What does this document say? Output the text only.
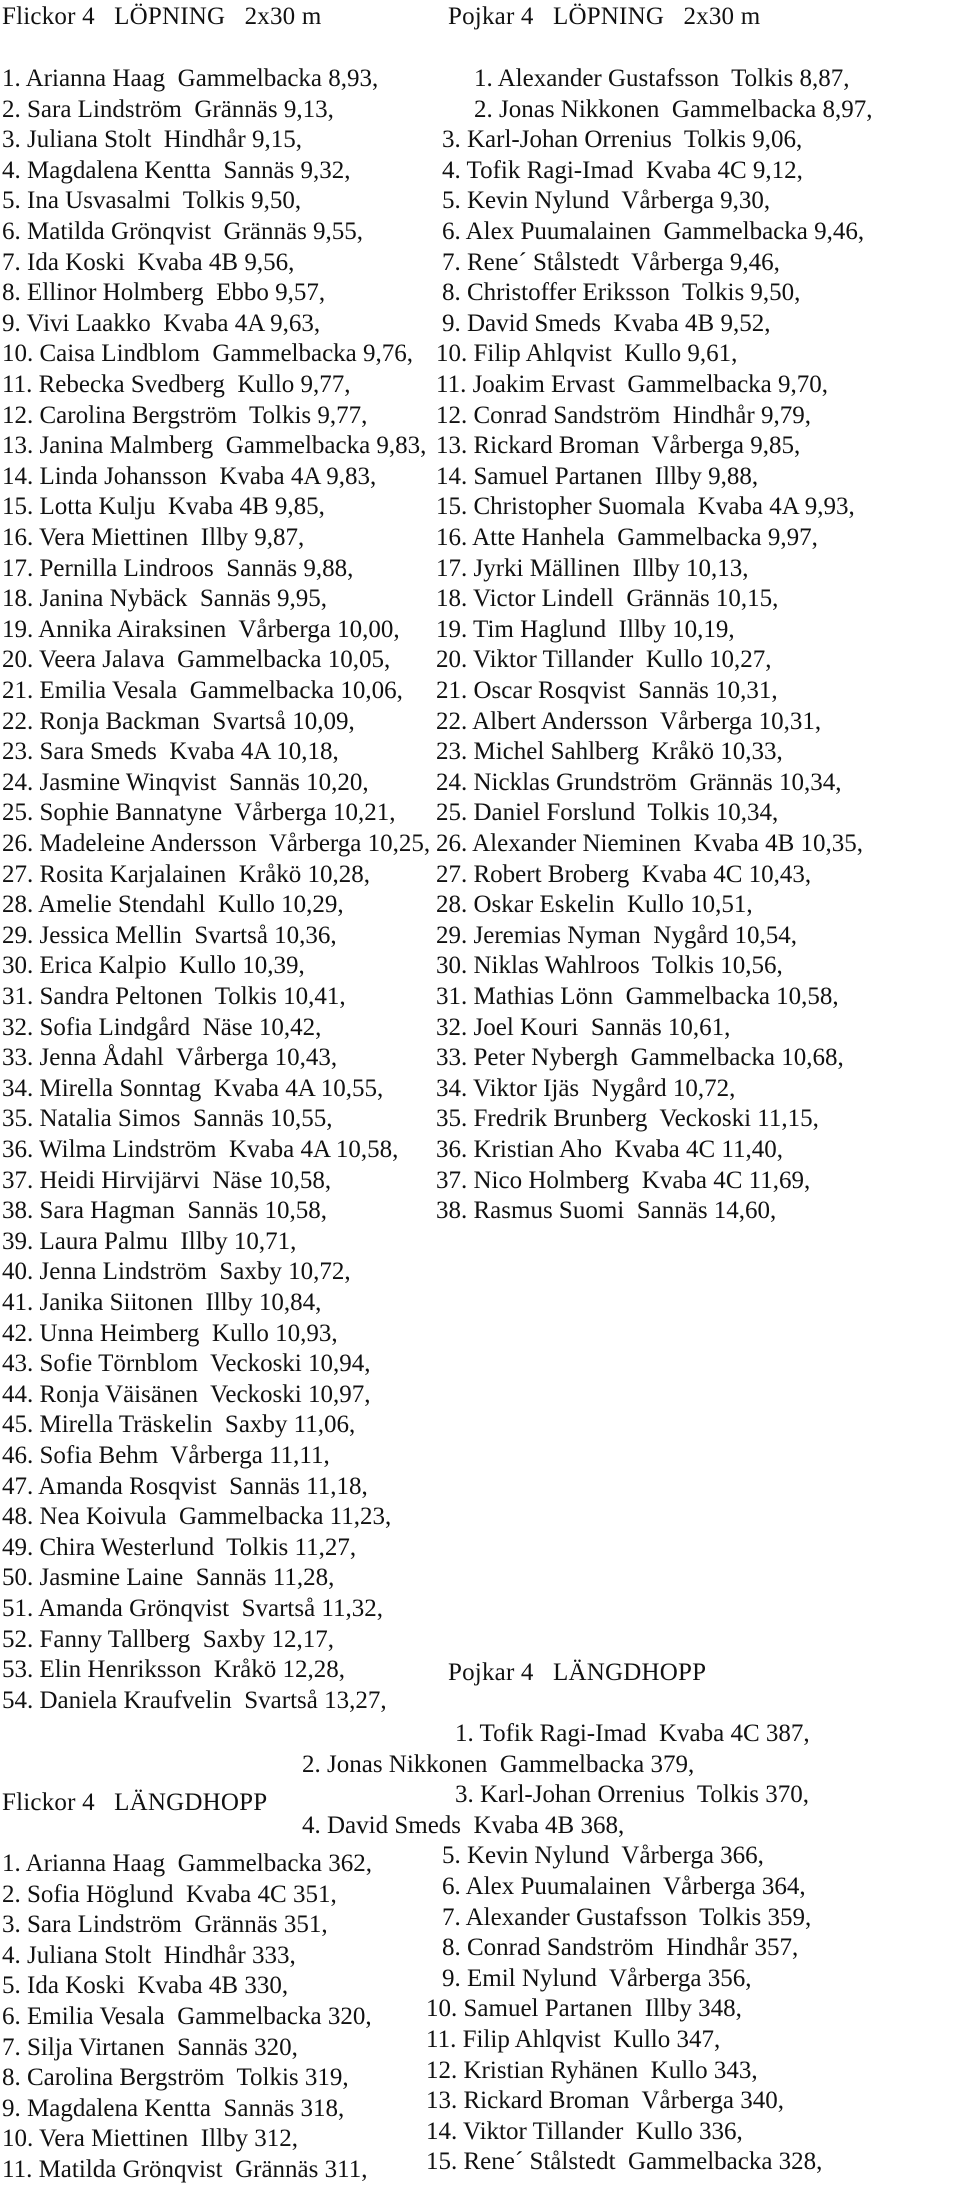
Flickor 4   LÖPNING   2x30 m
1. Arianna Haag  Gammelbacka 8,93,
2. Sara Lindström  Grännäs 9,13,
3. Juliana Stolt  Hindhår 9,15,
4. Magdalena Kentta  Sannäs 9,32,
5. Ina Usvasalmi  Tolkis 9,50,
6. Matilda Grönqvist  Grännäs 9,55,
7. Ida Koski  Kvaba 4B 9,56,
8. Ellinor Holmberg  Ebbo 9,57,
9. Vivi Laakko  Kvaba 4A 9,63,
10. Caisa Lindblom  Gammelbacka 9,76,
11. Rebecka Svedberg  Kullo 9,77,
12. Carolina Bergström  Tolkis 9,77,
13. Janina Malmberg  Gammelbacka 9,83,
14. Linda Johansson  Kvaba 4A 9,83,
15. Lotta Kulju  Kvaba 4B 9,85,
16. Vera Miettinen  Illby 9,87,
17. Pernilla Lindroos  Sannäs 9,88,
18. Janina Nybäck  Sannäs 9,95,
19. Annika Airaksinen  Vårberga 10,00,
20. Veera Jalava  Gammelbacka 10,05,
21. Emilia Vesala  Gammelbacka 10,06,
22. Ronja Backman  Svartså 10,09,
23. Sara Smeds  Kvaba 4A 10,18,
24. Jasmine Winqvist  Sannäs 10,20,
25. Sophie Bannatyne  Vårberga 10,21,
26. Madeleine Andersson  Vårberga 10,25,
27. Rosita Karjalainen  Kråkö 10,28,
28. Amelie Stendahl  Kullo 10,29,
29. Jessica Mellin  Svartså 10,36,
30. Erica Kalpio  Kullo 10,39,
31. Sandra Peltonen  Tolkis 10,41,
32. Sofia Lindgård  Näse 10,42,
33. Jenna Ådahl  Vårberga 10,43,
34. Mirella Sonntag  Kvaba 4A 10,55,
35. Natalia Simos  Sannäs 10,55,
36. Wilma Lindström  Kvaba 4A 10,58,
37. Heidi Hirvijärvi  Näse 10,58,
38. Sara Hagman  Sannäs 10,58,
39. Laura Palmu  Illby 10,71,
40. Jenna Lindström  Saxby 10,72,
41. Janika Siitonen  Illby 10,84,
42. Unna Heimberg  Kullo 10,93,
43. Sofie Törnblom  Veckoski 10,94,
44. Ronja Väisänen  Veckoski 10,97,
45. Mirella Träskelin  Saxby 11,06,
46. Sofia Behm  Vårberga 11,11,
47. Amanda Rosqvist  Sannäs 11,18,
48. Nea Koivula  Gammelbacka 11,23,
49. Chira Westerlund  Tolkis 11,27,
50. Jasmine Laine  Sannäs 11,28,
51. Amanda Grönqvist  Svartså 11,32,
52. Fanny Tallberg  Saxby 12,17,
53. Elin Henriksson  Kråkö 12,28,
54. Daniela Kraufvelin  Svartså 13,27,
Pojkar 4   LÖPNING   2x30 m
1. Alexander Gustafsson  Tolkis 8,87,
2. Jonas Nikkonen  Gammelbacka 8,97,
3. Karl-Johan Orrenius  Tolkis 9,06,
4. Tofik Ragi-Imad  Kvaba 4C 9,12,
5. Kevin Nylund  Vårberga 9,30,
6. Alex Puumalainen  Gammelbacka 9,46,
7. Rene´ Stålstedt  Vårberga 9,46,
8. Christoffer Eriksson  Tolkis 9,50,
9. David Smeds  Kvaba 4B 9,52,
10. Filip Ahlqvist  Kullo 9,61,
11. Joakim Ervast  Gammelbacka 9,70,
12. Conrad Sandström  Hindhår 9,79,
13. Rickard Broman  Vårberga 9,85,
14. Samuel Partanen  Illby 9,88,
15. Christopher Suomala  Kvaba 4A 9,93,
16. Atte Hanhela  Gammelbacka 9,97,
17. Jyrki Mällinen  Illby 10,13,
18. Victor Lindell  Grännäs 10,15,
19. Tim Haglund  Illby 10,19,
20. Viktor Tillander  Kullo 10,27,
21. Oscar Rosqvist  Sannäs 10,31,
22. Albert Andersson  Vårberga 10,31,
23. Michel Sahlberg  Kråkö 10,33,
24. Nicklas Grundström  Grännäs 10,34,
25. Daniel Forslund  Tolkis 10,34,
26. Alexander Nieminen  Kvaba 4B 10,35,
27. Robert Broberg  Kvaba 4C 10,43,
28. Oskar Eskelin  Kullo 10,51,
29. Jeremias Nyman  Nygård 10,54,
30. Niklas Wahlroos  Tolkis 10,56,
31. Mathias Lönn  Gammelbacka 10,58,
32. Joel Kouri  Sannäs 10,61,
33. Peter Nybergh  Gammelbacka 10,68,
34. Viktor Ijäs  Nygård 10,72,
35. Fredrik Brunberg  Veckoski 11,15,
36. Kristian Aho  Kvaba 4C 11,40,
37. Nico Holmberg  Kvaba 4C 11,69,
38. Rasmus Suomi  Sannäs 14,60,
Pojkar 4   LÄNGDHOPP
1. Tofik Ragi-Imad  Kvaba 4C 387,
2. Jonas Nikkonen  Gammelbacka 379,
3. Karl-Johan Orrenius  Tolkis 370,
4. David Smeds  Kvaba 4B 368,
5. Kevin Nylund  Vårberga 366,
6. Alex Puumalainen  Vårberga 364,
7. Alexander Gustafsson  Tolkis 359,
8. Conrad Sandström  Hindhår 357,
9. Emil Nylund  Vårberga 356,
10. Samuel Partanen  Illby 348,
11. Filip Ahlqvist  Kullo 347,
12. Kristian Ryhänen  Kullo 343,
13. Rickard Broman  Vårberga 340,
14. Viktor Tillander  Kullo 336,
15. Rene´ Stålstedt  Gammelbacka 328,
Flickor 4   LÄNGDHOPP
1. Arianna Haag  Gammelbacka 362,
2. Sofia Höglund  Kvaba 4C 351,
3. Sara Lindström  Grännäs 351,
4. Juliana Stolt  Hindhår 333,
5. Ida Koski  Kvaba 4B 330,
6. Emilia Vesala  Gammelbacka 320,
7. Silja Virtanen  Sannäs 320,
8. Carolina Bergström  Tolkis 319,
9. Magdalena Kentta  Sannäs 318,
10. Vera Miettinen  Illby 312,
11. Matilda Grönqvist  Grännäs 311,
